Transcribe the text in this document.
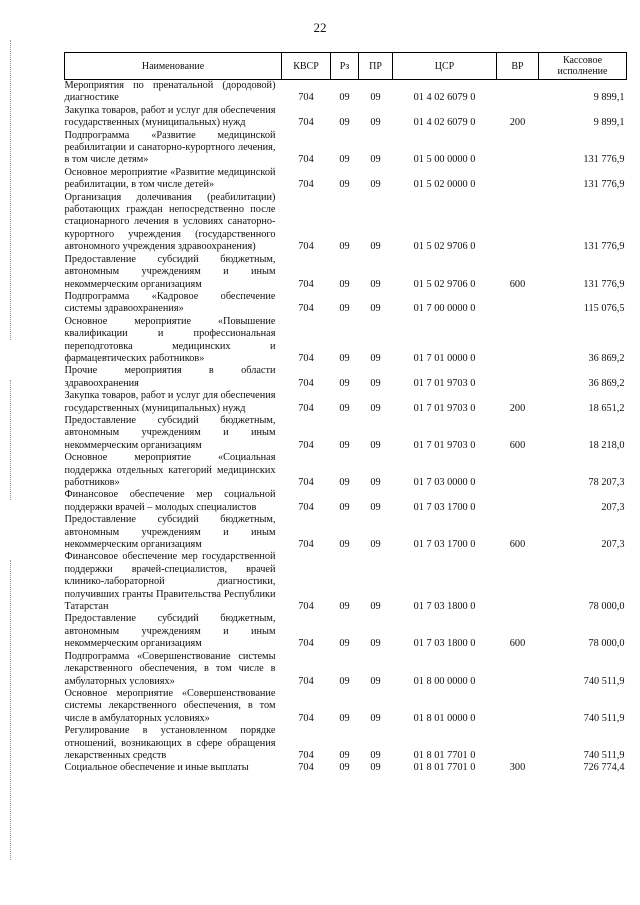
22
Наименование	КВСР	Рз	ПР	ЦСР	ВР	Кассовое исполнение
Мероприятия по пренатальной (дородовой) диагностике	704	09	09	01 4 02 6079 0		9 899,1
Закупка товаров, работ и услуг для обеспечения государственных (муниципальных) нужд	704	09	09	01 4 02 6079 0	200	9 899,1
Подпрограмма «Развитие медицинской реабилитации и санаторно-курортного лечения, в том числе детям»	704	09	09	01 5 00 0000 0		131 776,9
Основное мероприятие «Развитие медицинской реабилитации, в том числе детей»	704	09	09	01 5 02 0000 0		131 776,9
Организация долечивания (реабилитации) работающих граждан непосредственно после стационарного лечения в условиях санаторно-курортного учреждения (государственного автономного учреждения здравоохранения)	704	09	09	01 5 02 9706 0		131 776,9
Предоставление субсидий бюджетным, автономным учреждениям и иным некоммерческим организациям	704	09	09	01 5 02 9706 0	600	131 776,9
Подпрограмма «Кадровое обеспечение системы здравоохранения»	704	09	09	01 7 00 0000 0		115 076,5
Основное мероприятие «Повышение квалификации и профессиональная переподготовка медицинских и фармацевтических работников»	704	09	09	01 7 01 0000 0		36 869,2
Прочие мероприятия в области здравоохранения	704	09	09	01 7 01 9703 0		36 869,2
Закупка товаров, работ и услуг для обеспечения государственных (муниципальных) нужд	704	09	09	01 7 01 9703 0	200	18 651,2
Предоставление субсидий бюджетным, автономным учреждениям и иным некоммерческим организациям	704	09	09	01 7 01 9703 0	600	18 218,0
Основное мероприятие «Социальная поддержка отдельных категорий медицинских работников»	704	09	09	01 7 03 0000 0		78 207,3
Финансовое обеспечение мер социальной поддержки врачей – молодых специалистов	704	09	09	01 7 03 1700 0		207,3
Предоставление субсидий бюджетным, автономным учреждениям и иным некоммерческим организациям	704	09	09	01 7 03 1700 0	600	207,3
Финансовое обеспечение мер государственной поддержки врачей-специалистов, врачей клинико-лабораторной диагностики, получивших гранты Правительства Республики Татарстан	704	09	09	01 7 03 1800 0		78 000,0
Предоставление субсидий бюджетным, автономным учреждениям и иным некоммерческим организациям	704	09	09	01 7 03 1800 0	600	78 000,0
Подпрограмма «Совершенствование системы лекарственного обеспечения, в том числе в амбулаторных условиях»	704	09	09	01 8 00 0000 0		740 511,9
Основное мероприятие «Совершенствование системы лекарственного обеспечения, в том числе в амбулаторных условиях»	704	09	09	01 8 01 0000 0		740 511,9
Регулирование в установленном порядке отношений, возникающих в сфере обращения лекарственных средств	704	09	09	01 8 01 7701 0		740 511,9
Социальное обеспечение и иные выплаты	704	09	09	01 8 01 7701 0	300	726 774,4
